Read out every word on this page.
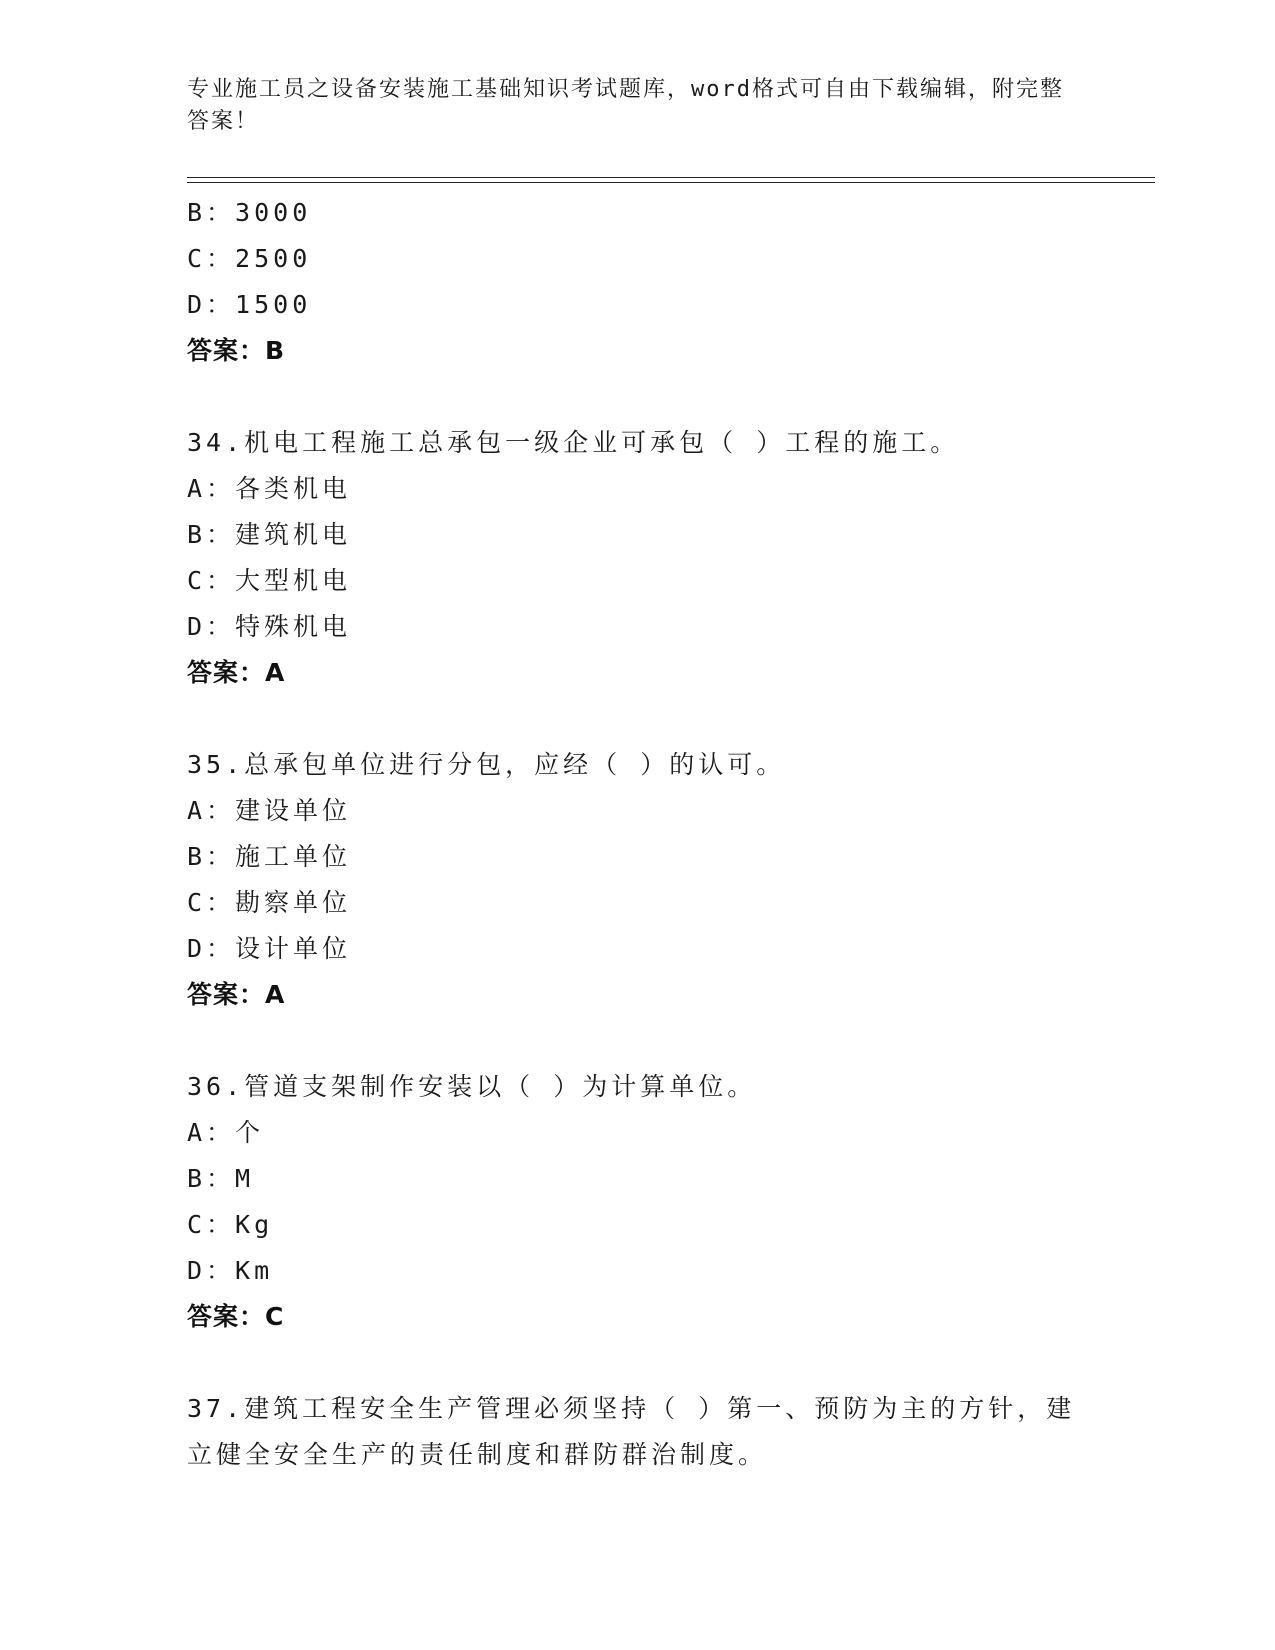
专业施工员之设备安装施工基础知识考试题库，word格式可自由下载编辑，附完整答案！
B：3000
C：2500
D：1500
答案：B
34.机电工程施工总承包一级企业可承包（ ）工程的施工。
A：各类机电
B：建筑机电
C：大型机电
D：特殊机电
答案：A
35.总承包单位进行分包，应经（ ）的认可。
A：建设单位
B：施工单位
C：勘察单位
D：设计单位
答案：A
36.管道支架制作安装以（ ）为计算单位。
A：个
B：M
C：Kg
D：Km
答案：C
37.建筑工程安全生产管理必须坚持（ ）第一、预防为主的方针，建
立健全安全生产的责任制度和群防群治制度。
